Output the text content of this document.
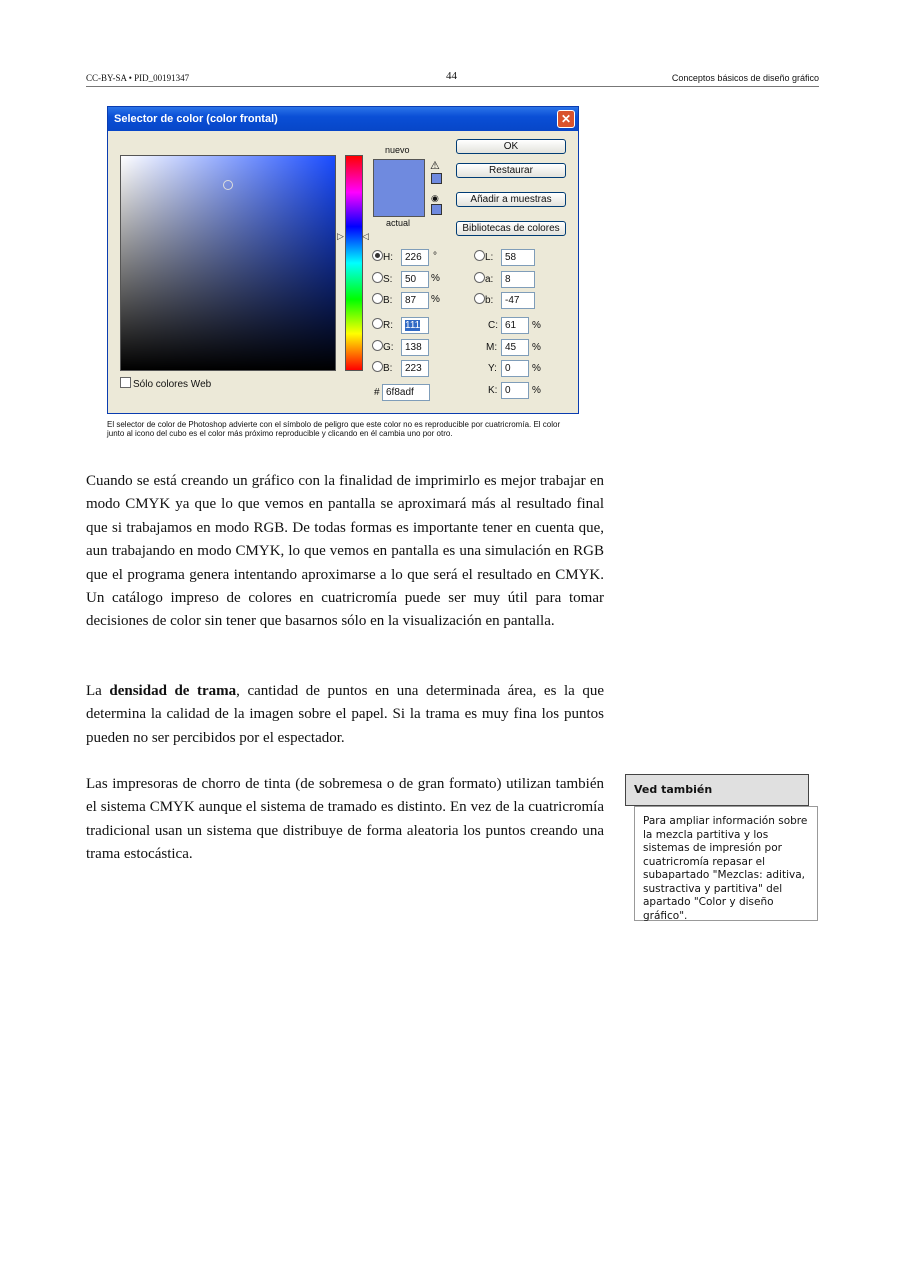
CC-BY-SA • PID_00191347	44	Conceptos básicos de diseño gráfico
Selector de color (color frontal)	✕
▷ ◁
nuevo
actual
⚠
◉
OK
Restaurar
Añadir a muestras
Bibliotecas de colores
H:	226	°
S:	50	%
B:	87	%
R:	111
G:	138
B:	223
# 6f8adf
L:	58
a:	8
b:	-47
C: 61	%
M: 45	%
Y: 0	%
K: 0	%
Sólo colores Web
El selector de color de Photoshop advierte con el símbolo de peligro que este color no es reproducible por cuatricromía. El color junto al icono del cubo es el color más próximo reproducible y clicando en él cambia uno por otro.
Cuando se está creando un gráfico con la finalidad de imprimirlo es mejor trabajar en modo CMYK ya que lo que vemos en pantalla se aproximará más al resultado final que si trabajamos en modo RGB. De todas formas es importante tener en cuenta que, aun trabajando en modo CMYK, lo que vemos en pantalla es una simulación en RGB que el programa genera intentando aproximarse a lo que será el resultado en CMYK. Un catálogo impreso de colores en cuatricromía puede ser muy útil para tomar decisiones de color sin tener que basarnos sólo en la visualización en pantalla.
La densidad de trama, cantidad de puntos en una determinada área, es la que determina la calidad de la imagen sobre el papel. Si la trama es muy fina los puntos pueden no ser percibidos por el espectador.
Las impresoras de chorro de tinta (de sobremesa o de gran formato) utilizan también el sistema CMYK aunque el sistema de tramado es distinto. En vez de la cuatricromía tradicional usan un sistema que distribuye de forma aleatoria los puntos creando una trama estocástica.
Ved también
Para ampliar información sobre la mezcla partitiva y los sistemas de impresión por cuatricromía repasar el subapartado "Mezclas: aditiva, sustractiva y partitiva" del apartado "Color y diseño gráfico".
